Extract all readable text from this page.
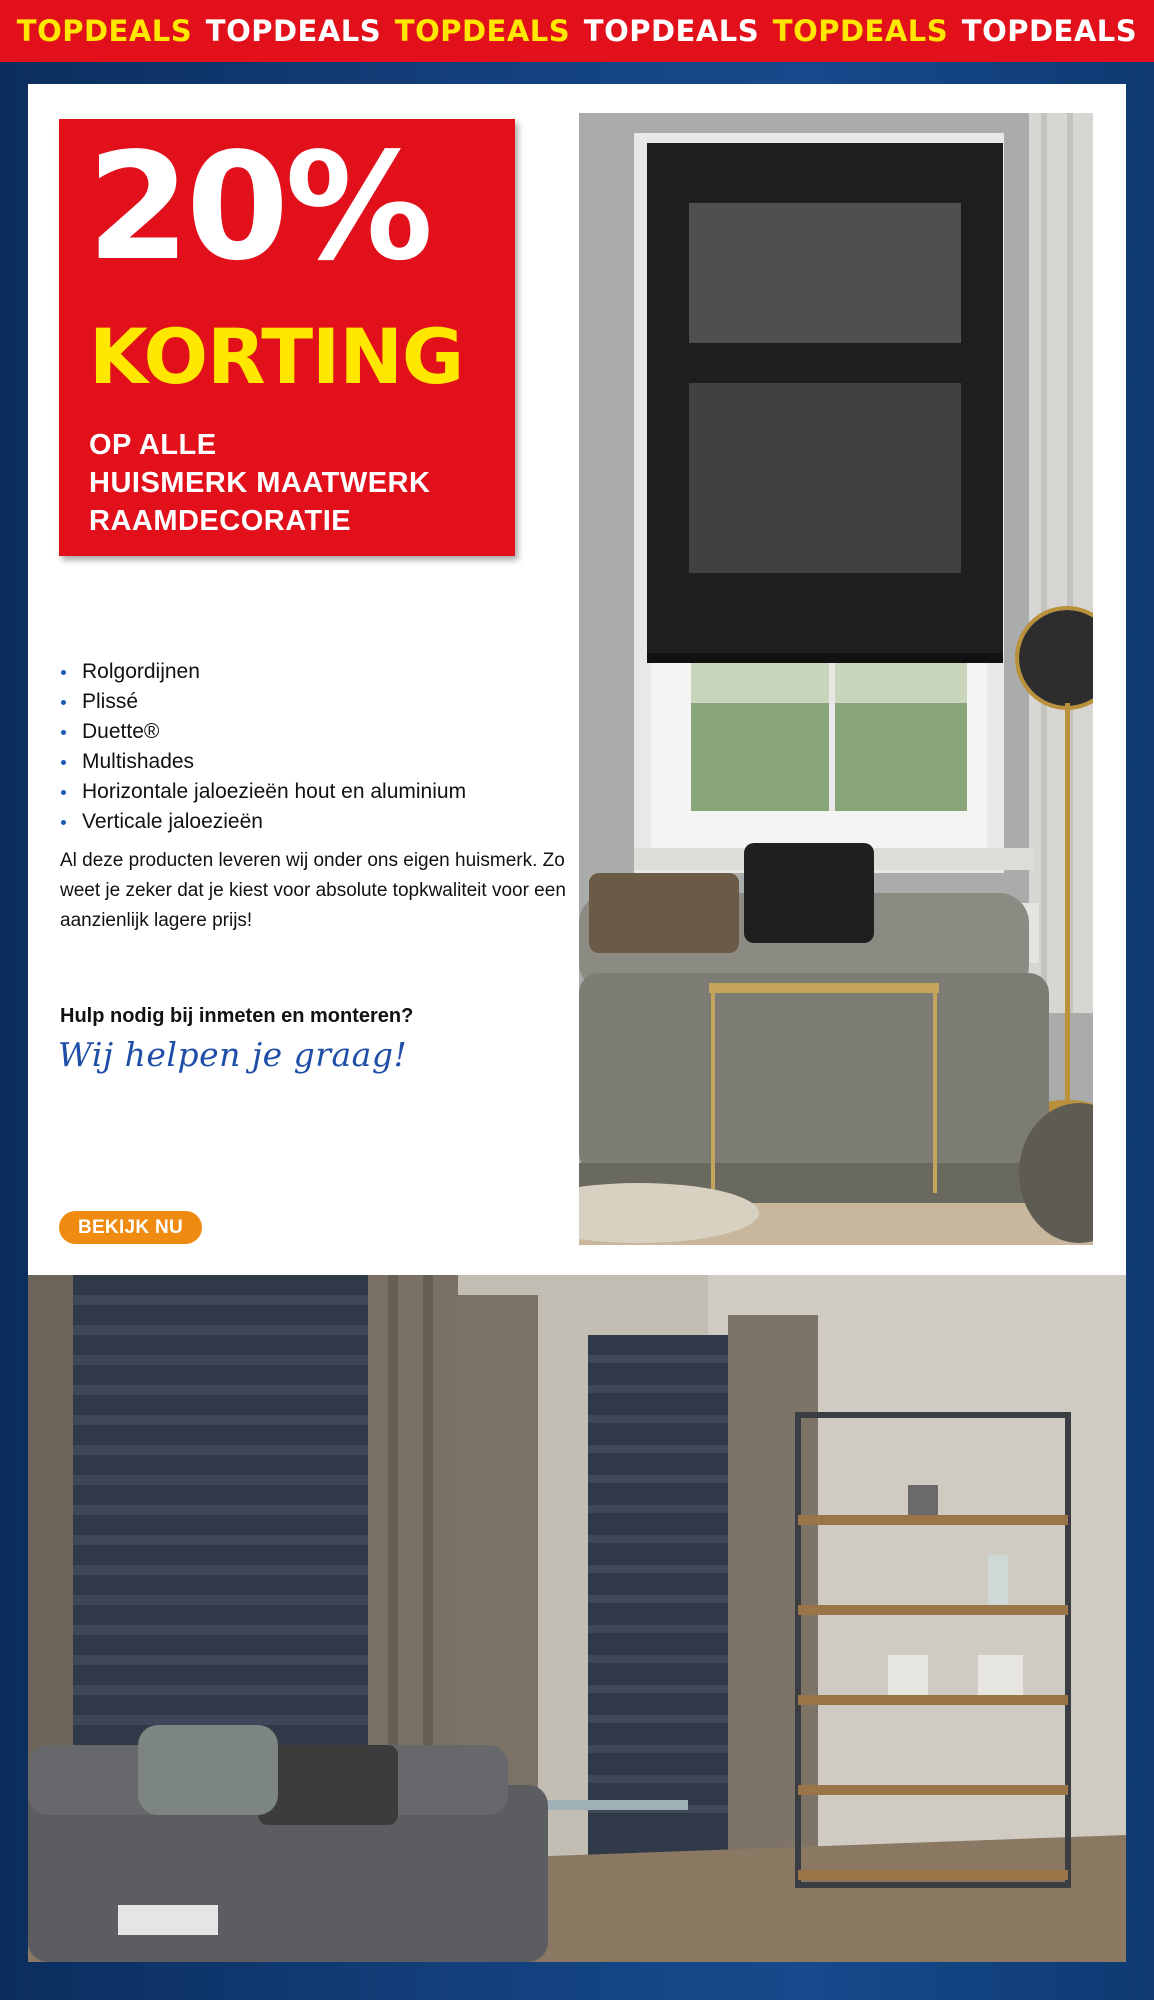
TOPDEALS TOPDEALS TOPDEALS TOPDEALS TOPDEALS TOPDEALS
20%
KORTING
OP ALLE
HUISMERK MAATWERK
RAAMDECORATIE
Rolgordijnen
Plissé
Duette®
Multishades
Horizontale jaloezieën hout en aluminium
Verticale jaloezieën

Al deze producten leveren wij onder ons eigen huismerk. Zo weet je zeker dat je kiest voor absolute topkwaliteit voor een aanzienlijk lagere prijs!

Hulp nodig bij inmeten en monteren?
Wij helpen je graag!
BEKIJK NU
